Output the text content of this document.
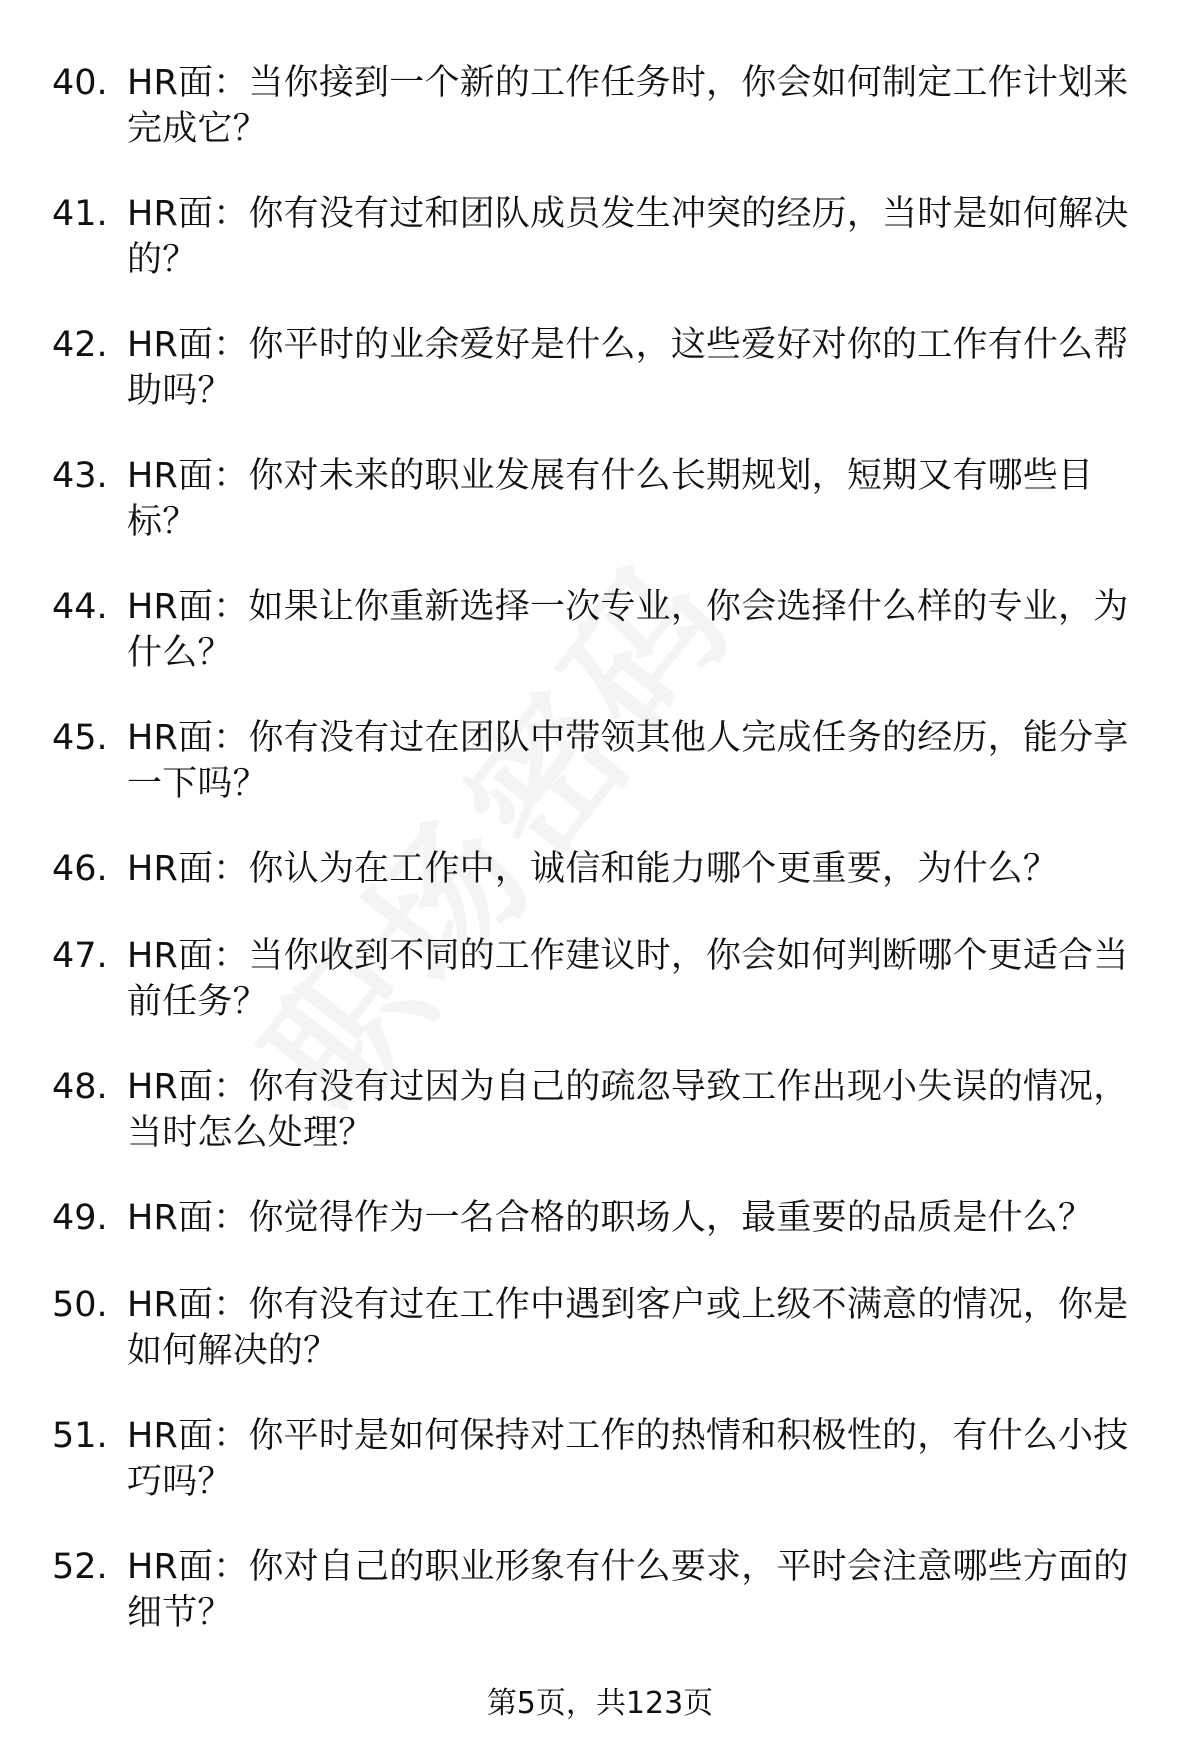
40. HR面：当你接到一个新的工作任务时，你会如何制定工作计划来完成它？
41. HR面：你有没有过和团队成员发生冲突的经历，当时是如何解决的？
42. HR面：你平时的业余爱好是什么，这些爱好对你的工作有什么帮助吗？
43. HR面：你对未来的职业发展有什么长期规划，短期又有哪些目标？
44. HR面：如果让你重新选择一次专业，你会选择什么样的专业，为什么？
45. HR面：你有没有过在团队中带领其他人完成任务的经历，能分享一下吗？
46. HR面：你认为在工作中，诚信和能力哪个更重要，为什么？
47. HR面：当你收到不同的工作建议时，你会如何判断哪个更适合当前任务？
48. HR面：你有没有过因为自己的疏忽导致工作出现小失误的情况，当时怎么处理？
49. HR面：你觉得作为一名合格的职场人，最重要的品质是什么？
50. HR面：你有没有过在工作中遇到客户或上级不满意的情况，你是如何解决的？
51. HR面：你平时是如何保持对工作的热情和积极性的，有什么小技巧吗？
52. HR面：你对自己的职业形象有什么要求，平时会注意哪些方面的细节？
第5页，共123页
